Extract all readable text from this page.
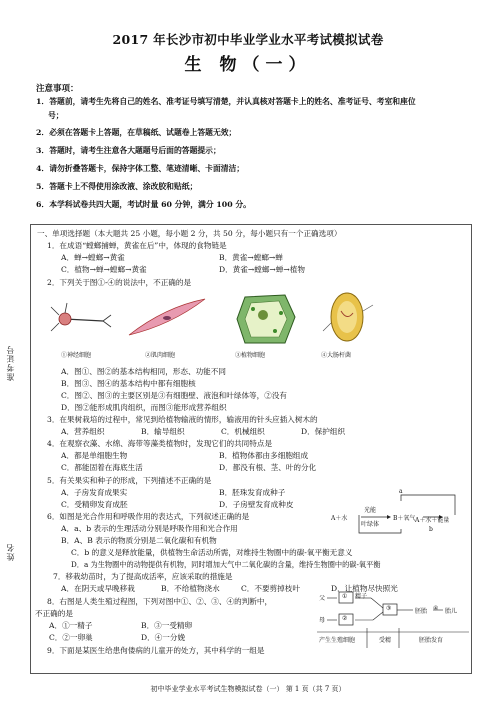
2017 年长沙市初中毕业学业水平考试模拟试卷
生 物（一）
注意事项：
1．答题前，请考生先将自己的姓名、准考证号填写清楚，并认真核对答题卡上的姓名、准考证号、考室和座位
号；
2．必须在答题卡上答题，在草稿纸、试题卷上答题无效；
3．答题时，请考生注意各大题题号后面的答题提示；
4．请勿折叠答题卡，保持字体工整、笔迹清晰、卡面清洁；
5．答题卡上不得使用涂改液、涂改胶和贴纸；
6．本学科试卷共四大题，考试时量 60 分钟，满分 100 分。
准考证号
姓名
一、单项选择题（本大题共 25 小题，每小题 2 分，共 50 分，每小题只有一个正确选项）
1．在成语“螳螂捕蝉，黄雀在后”中，体现的食物链是
A．蝉→螳螂→黄雀	B．黄雀→螳螂→蝉
C．植物→蝉→螳螂→黄雀	D．黄雀→螳螂→蝉→植物
2．下列关于图①-④的说法中，不正确的是
①神经细胞	②肌肉细胞	③植物细胞	④大肠杆菌
A．图①、图②的基本结构相同，形态、功能不同
B．图③、图④的基本结构中都有细胞核
C．图②、图③的主要区别是③有细胞壁、液泡和叶绿体等，②没有
D．图②能形成肌肉组织，而图③能形成营养组织
3．在果树栽培的过程中，常见到给植物输液的情形，输液用的针头应插入树木的
A．营养组织	B．输导组织	C．机械组织	D．保护组织
4．在观察衣藻、水绵、海带等藻类植物时，发现它们的共同特点是
A．都是单细胞生物	B．植物体都由多细胞组成
C．都能固着在海底生活	D．都没有根、茎、叶的分化
5．有关果实和种子的形成，下列描述不正确的是
A．子房发育成果实	B．胚珠发育成种子
C．受精卵发育成胚	D．子房壁发育成种皮
6．如图是光合作用和呼吸作用的表达式，下列叙述正确的是
A．a、b 表示的生理活动分别是呼吸作用和光合作用
B．A、B 表示的物质分别是二氧化碳和有机物
a
b
A＋水
光能
叶绿体
B＋氧气 A＋水＋能量
C．b 的意义是释放能量，供植物生命活动所需，对维持生物圈中的碳-氧平衡无意义
D．a 为生物圈中的动物提供有机物，同时增加大气中二氧化碳的含量，维持生物圈中的碳-氧平衡
7．移栽幼苗时，为了提高成活率，应该采取的措施是
A．在阴天或早晚移栽	B．不给植物浇水	C．不要剪掉枝叶	D．让植物尽快照光
8．右图是人类生殖过程图，下列对图中①、②、③、④的判断中，
不正确的是
A．①一精子	B．③一受精卵
C．②一卵巢	D．④一分娩
父	① 精子
母	②
③	胚胎 ④ 胎儿
产生生殖细胞	受精	胚胎发育
9．下面是某医生给患佝偻病的儿童开的处方，其中科学的一组是
初中毕业学业水平考试生物模拟试卷（一） 第 1 页（共 7 页）
